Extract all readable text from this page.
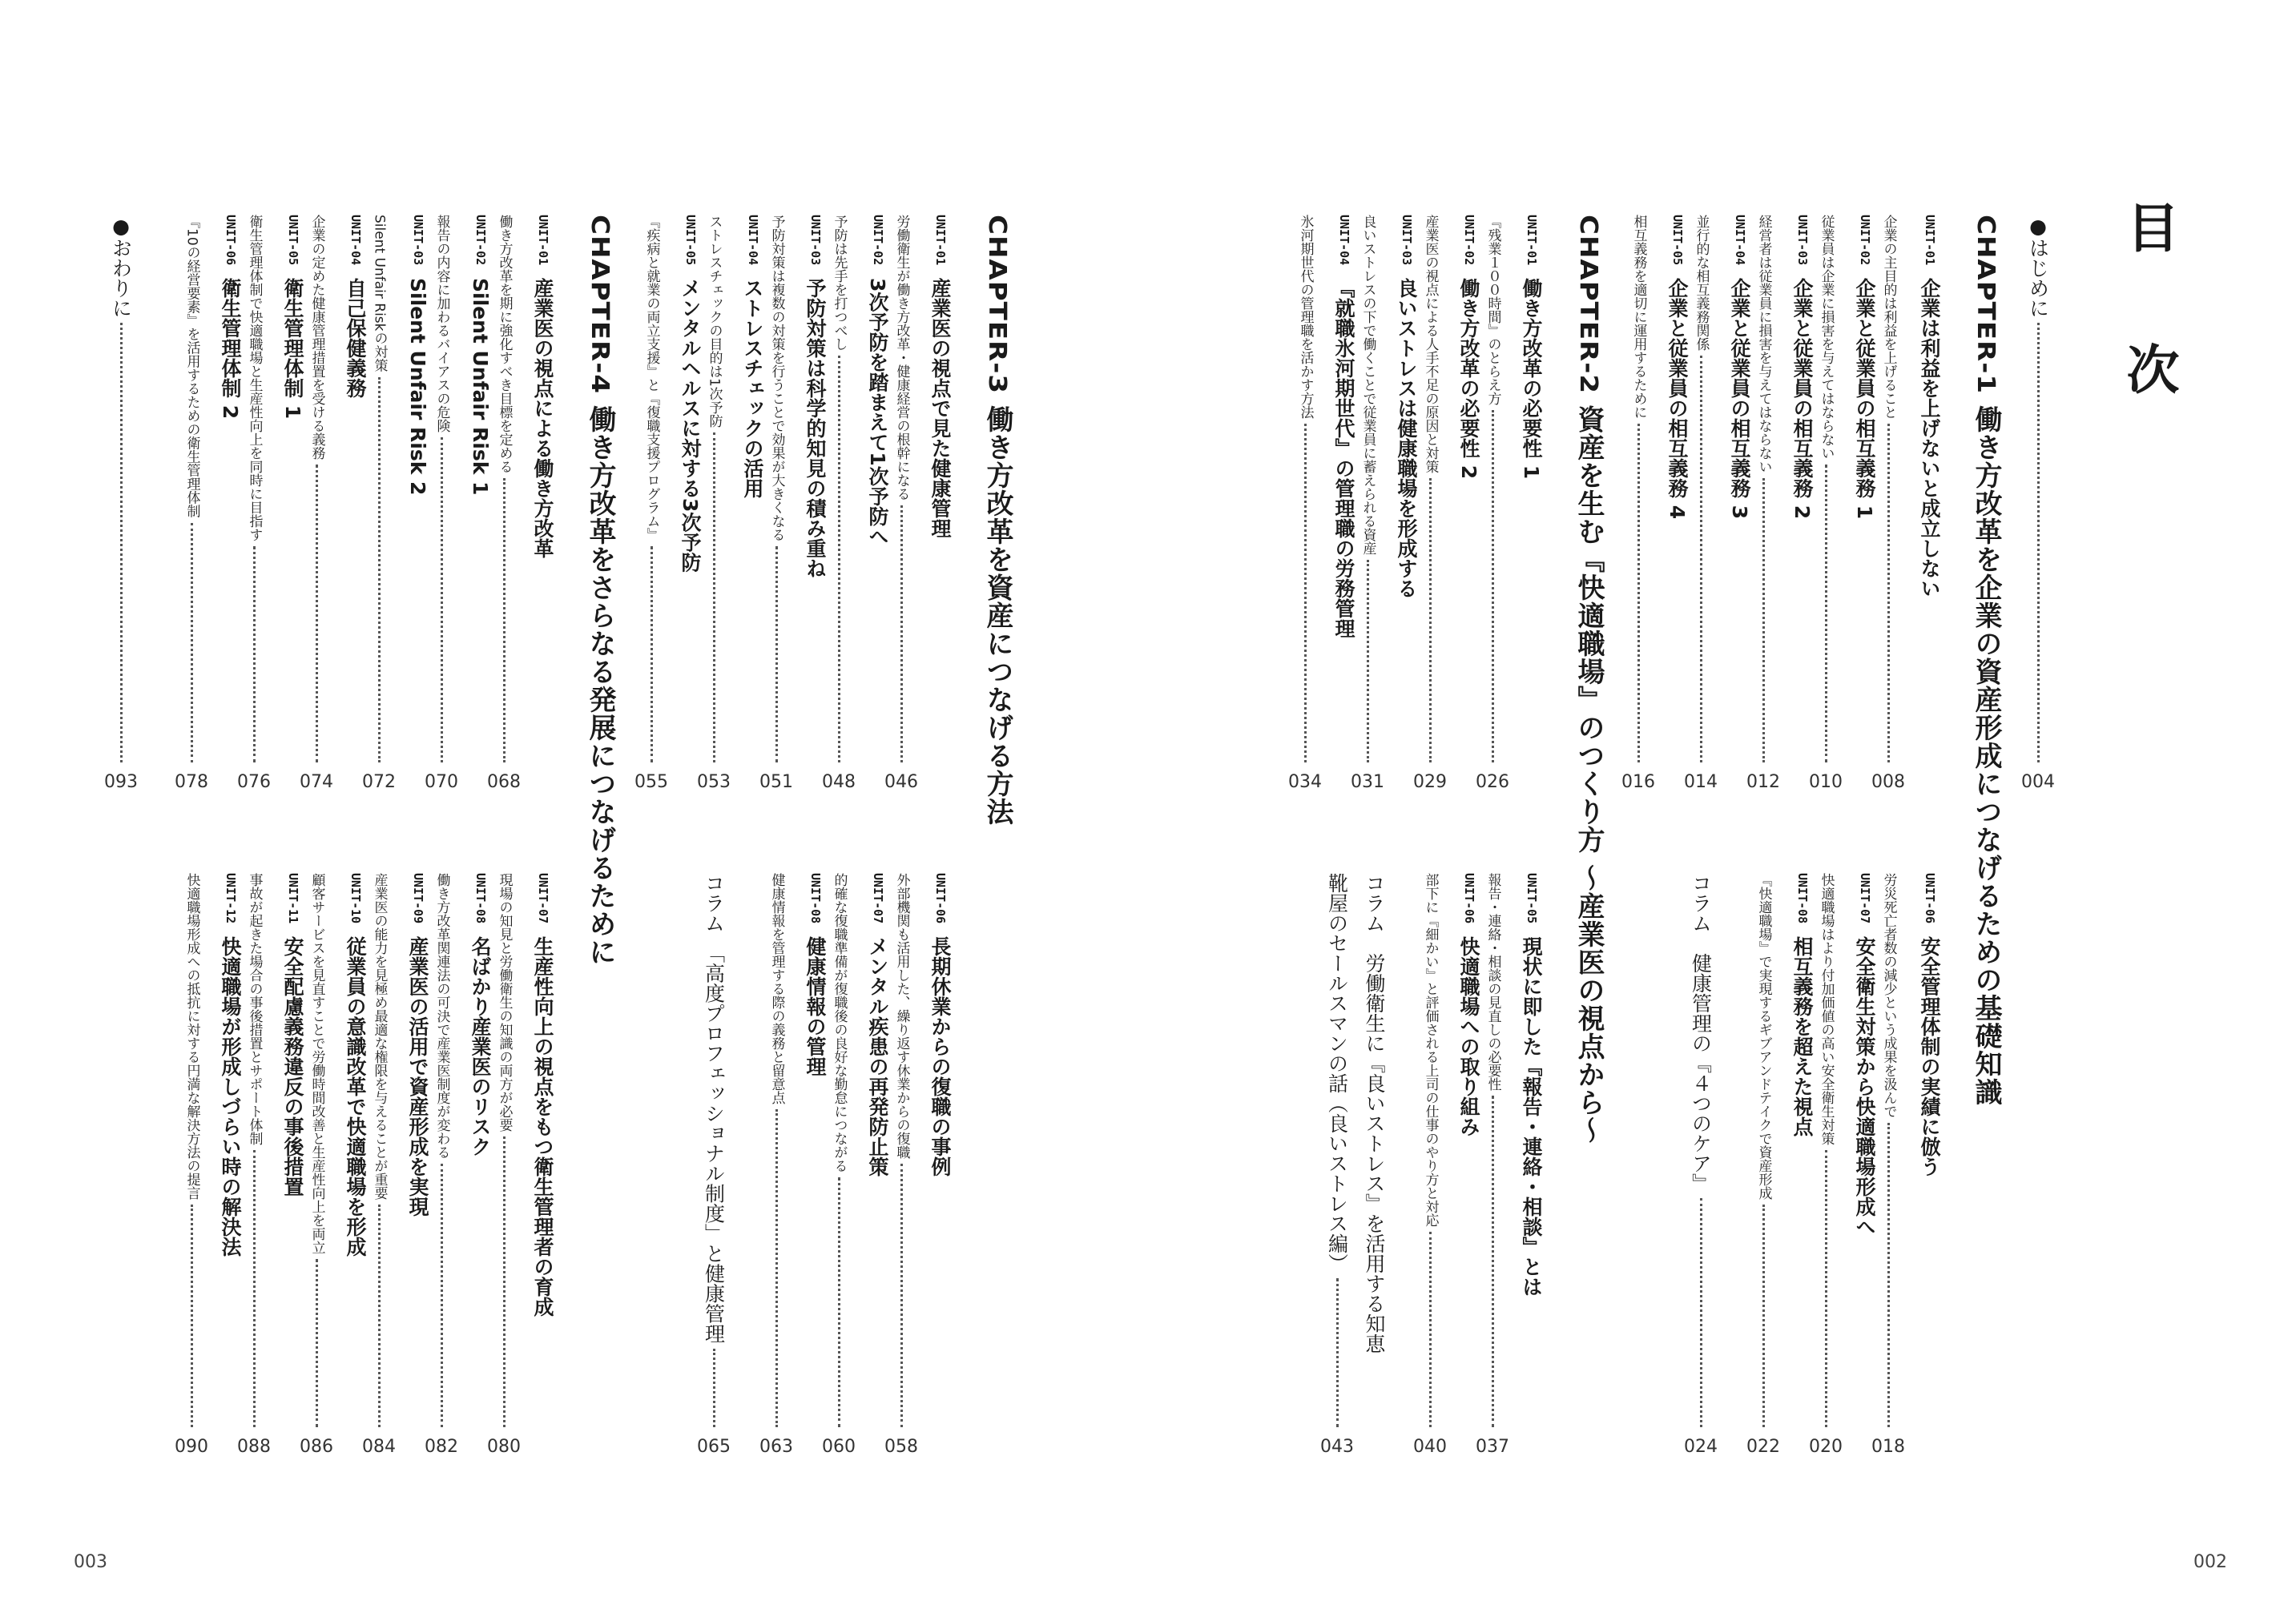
目 次
003	002
●はじめに
004
CHAPTER-1
働き方改革を企業の資産形成につなげるための基礎知識
UNIT-01
企業は利益を上げないと成立しない
企業の主目的は利益を上げること
008
UNIT-02
企業と従業員の相互義務 1
従業員は企業に損害を与えてはならない
010
UNIT-03
企業と従業員の相互義務 2
経営者は従業員に損害を与えてはならない
012
UNIT-04
企業と従業員の相互義務 3
並行的な相互義務関係
014
UNIT-05
企業と従業員の相互義務 4
相互義務を適切に運用するために
016
CHAPTER-2
資産を生む『快適職場』のつくり方 ～産業医の視点から～
UNIT-01
働き方改革の必要性 1
『残業１００時間』のとらえ方
026
UNIT-02
働き方改革の必要性 2
産業医の視点による人手不足の原因と対策
029
UNIT-03
良いストレスは健康職場を形成する
良いストレスの下で働くことで従業員に蓄えられる資産
031
UNIT-04
『就職氷河期世代』の管理職の労務管理
氷河期世代の管理職を活かす方法
034
CHAPTER-3
働き方改革を資産につなげる方法
UNIT-01
産業医の視点で見た健康管理
労働衛生が働き方改革・健康経営の根幹になる
046
UNIT-02
3次予防を踏まえて1次予防へ
予防は先手を打つべし
048
UNIT-03
予防対策は科学的知見の積み重ね
予防対策は複数の対策を行うことで効果が大きくなる
051
UNIT-04
ストレスチェックの活用
ストレスチェックの目的は1次予防
053
UNIT-05
メンタルヘルスに対する3次予防
『疾病と就業の両立支援』と『復職支援プログラム』
055
CHAPTER-4
働き方改革をさらなる発展につなげるために
UNIT-01
産業医の視点による働き方改革
働き方改革を期に強化すべき目標を定める
068
UNIT-02
Silent Unfair Risk 1
報告の内容に加わるバイアスの危険
070
UNIT-03
Silent Unfair Risk 2
Silent Unfair Riskの対策
072
UNIT-04
自己保健義務
企業の定めた健康管理措置を受ける義務
074
UNIT-05
衛生管理体制 1
衛生管理体制で快適職場と生産性向上を同時に目指す
076
UNIT-06
衛生管理体制 2
『10の経営要素』を活用するための衛生管理体制
078
●おわりに
093
UNIT-06
安全管理体制の実績に倣う
労災死亡者数の減少という成果を汲んで
018
UNIT-07
安全衛生対策から快適職場形成へ
快適職場はより付加価値の高い安全衛生対策
020
UNIT-08
相互義務を超えた視点
『快適職場』で実現するギブアンドテイクで資産形成
022
コラム　健康管理の『４つのケア』
024
UNIT-05
現状に即した『報告・連絡・相談』とは
報告・連絡・相談の見直しの必要性
037
UNIT-06
快適職場への取り組み
部下に『細かい』と評価される上司の仕事のやり方と対応
040
コラム　労働衛生に『良いストレス』を活用する知恵
靴屋のセールスマンの話（良いストレス編）
043
UNIT-06
長期休業からの復職の事例
外部機関も活用した、繰り返す休業からの復職
058
UNIT-07
メンタル疾患の再発防止策
的確な復職準備が復職後の良好な勤怠につながる
060
UNIT-08
健康情報の管理
健康情報を管理する際の義務と留意点
063
コラム　「高度プロフェッショナル制度」と健康管理
065
UNIT-07
生産性向上の視点をもつ衛生管理者の育成
現場の知見と労働衛生の知識の両方が必要
080
UNIT-08
名ばかり産業医のリスク
働き方改革関連法の可決で産業医制度が変わる
082
UNIT-09
産業医の活用で資産形成を実現
産業医の能力を見極め最適な権限を与えることが重要
084
UNIT-10
従業員の意識改革で快適職場を形成
顧客サービスを見直すことで労働時間改善と生産性向上を両立
086
UNIT-11
安全配慮義務違反の事後措置
事故が起きた場合の事後措置とサポート体制
088
UNIT-12
快適職場が形成しづらい時の解決法
快適職場形成への抵抗に対する円満な解決方法の提言
090
